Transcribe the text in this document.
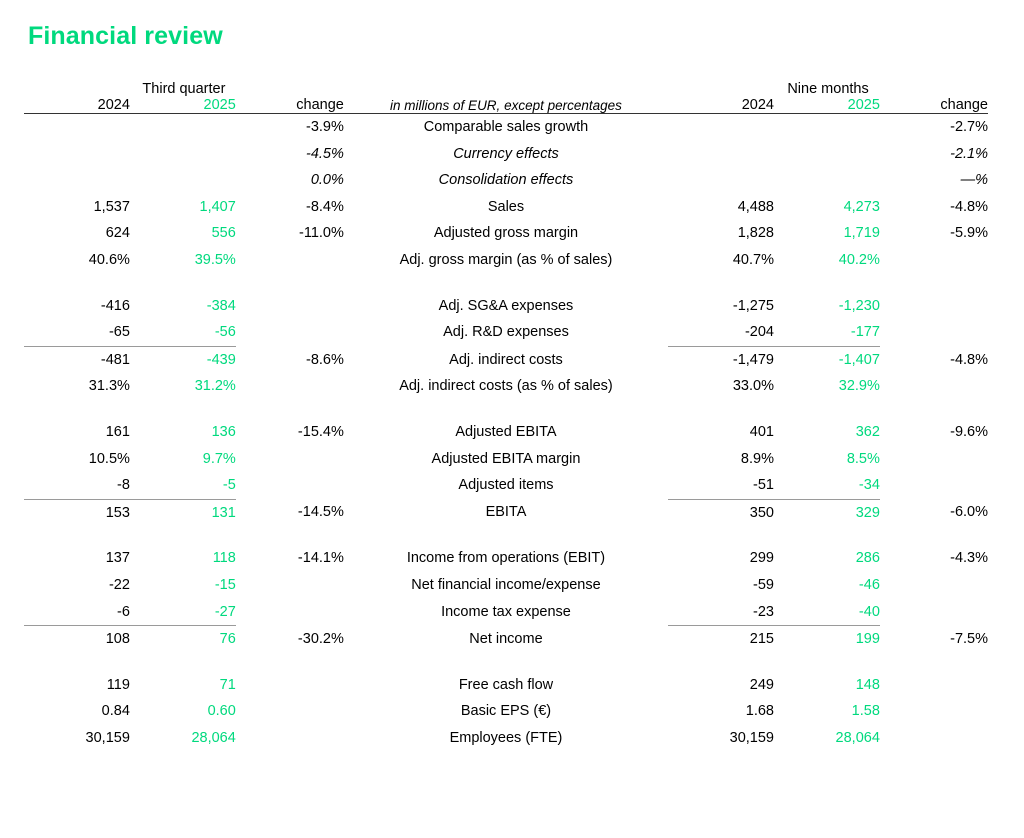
Financial review
Third quarter				Nine months		
2024	2025	change	in millions of EUR, except percentages	2024	2025	change

		-3.9%	Comparable sales growth			-2.7%
		-4.5%	Currency effects			-2.1%
		0.0%	Consolidation effects			—%
1,537	1,407	-8.4%	Sales	4,488	4,273	-4.8%
624	556	-11.0%	Adjusted gross margin	1,828	1,719	-5.9%
40.6%	39.5%		Adj. gross margin (as % of sales)	40.7%	40.2%	

-416	-384		Adj. SG&A expenses	-1,275	-1,230	
-65	-56		Adj. R&D expenses	-204	-177	

-481	-439	-8.6%	Adj. indirect costs	-1,479	-1,407	-4.8%
31.3%	31.2%		Adj. indirect costs (as % of sales)	33.0%	32.9%	

161	136	-15.4%	Adjusted EBITA	401	362	-9.6%
10.5%	9.7%		Adjusted EBITA margin	8.9%	8.5%	
-8	-5		Adjusted items	-51	-34	

153	131	-14.5%	EBITA	350	329	-6.0%

137	118	-14.1%	Income from operations (EBIT)	299	286	-4.3%
-22	-15		Net financial income/expense	-59	-46	
-6	-27		Income tax expense	-23	-40	

108	76	-30.2%	Net income	215	199	-7.5%

119	71		Free cash flow	249	148	
0.84	0.60		Basic EPS (€)	1.68	1.58	
30,159	28,064		Employees (FTE)	30,159	28,064	
